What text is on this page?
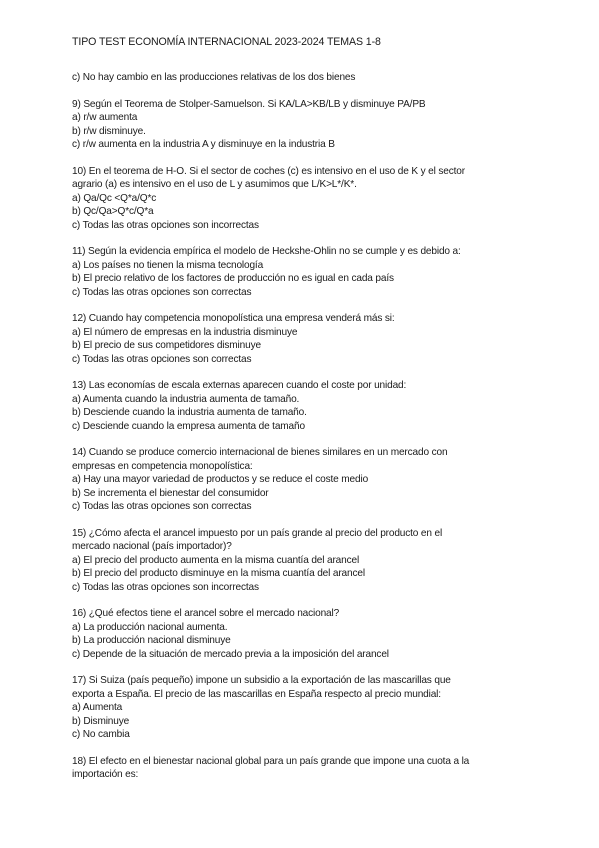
TIPO TEST ECONOMÍA INTERNACIONAL 2023-2024 TEMAS 1-8
c) No hay cambio en las producciones relativas de los dos bienes
9) Según el Teorema de Stolper-Samuelson. Si KA/LA>KB/LB y disminuye PA/PB
a) r/w aumenta
b) r/w disminuye.
c) r/w aumenta en la industria A y disminuye en la industria B
10) En el teorema de H-O. Si el sector de coches (c) es intensivo en el uso de K y el sector
agrario (a) es intensivo en el uso de L y asumimos que L/K>L*/K*.
a) Qa/Qc <Q*a/Q*c
b) Qc/Qa>Q*c/Q*a
c) Todas las otras opciones son incorrectas
11) Según la evidencia empírica el modelo de Heckshe-Ohlin no se cumple y es debido a:
a) Los países no tienen la misma tecnología
b) El precio relativo de los factores de producción no es igual en cada país
c) Todas las otras opciones son correctas
12) Cuando hay competencia monopolística una empresa venderá más si:
a) El número de empresas en la industria disminuye
b) El precio de sus competidores disminuye
c) Todas las otras opciones son correctas
13) Las economías de escala externas aparecen cuando el coste por unidad:
a) Aumenta cuando la industria aumenta de tamaño.
b) Desciende cuando la industria aumenta de tamaño.
c) Desciende cuando la empresa aumenta de tamaño
14) Cuando se produce comercio internacional de bienes similares en un mercado con
empresas en competencia monopolística:
a) Hay una mayor variedad de productos y se reduce el coste medio
b) Se incrementa el bienestar del consumidor
c) Todas las otras opciones son correctas
15) ¿Cómo afecta el arancel impuesto por un país grande al precio del producto en el
mercado nacional (país importador)?
a) El precio del producto aumenta en la misma cuantía del arancel
b) El precio del producto disminuye en la misma cuantía del arancel
c) Todas las otras opciones son incorrectas
16) ¿Qué efectos tiene el arancel sobre el mercado nacional?
a) La producción nacional aumenta.
b) La producción nacional disminuye
c) Depende de la situación de mercado previa a la imposición del arancel
17) Si Suiza (país pequeño) impone un subsidio a la exportación de las mascarillas que
exporta a España. El precio de las mascarillas en España respecto al precio mundial:
a) Aumenta
b) Disminuye
c) No cambia
18) El efecto en el bienestar nacional global para un país grande que impone una cuota a la
importación es:
